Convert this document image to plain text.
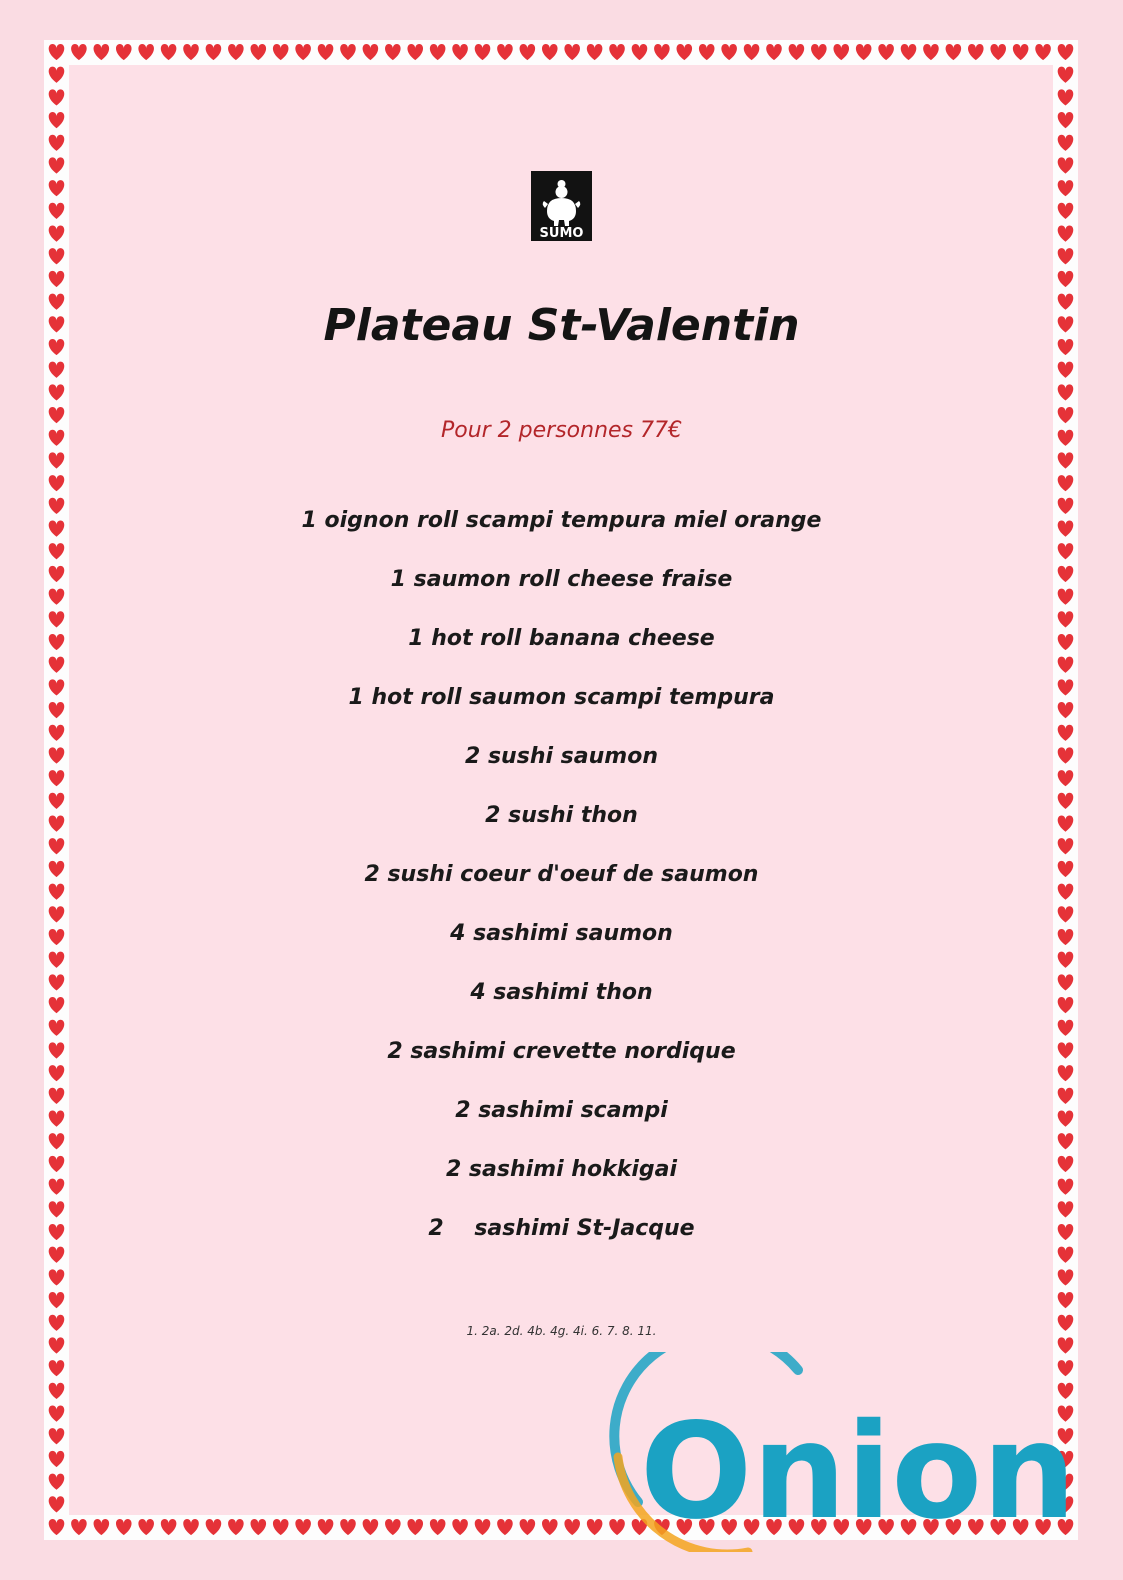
SUMO
Plateau St-Valentin

Pour 2 personnes 77€

1 oignon roll scampi tempura miel orange
1 saumon roll cheese fraise
1 hot roll banana cheese
1 hot roll saumon scampi tempura
2 sushi saumon
2 sushi thon
2 sushi coeur d'oeuf de saumon
4 sashimi saumon
4 sashimi thon
2 sashimi crevette nordique
2 sashimi scampi
2 sashimi hokkigai
2    sashimi St-Jacque
1. 2a. 2d. 4b. 4g. 4i. 6. 7. 8. 11.
Onion
